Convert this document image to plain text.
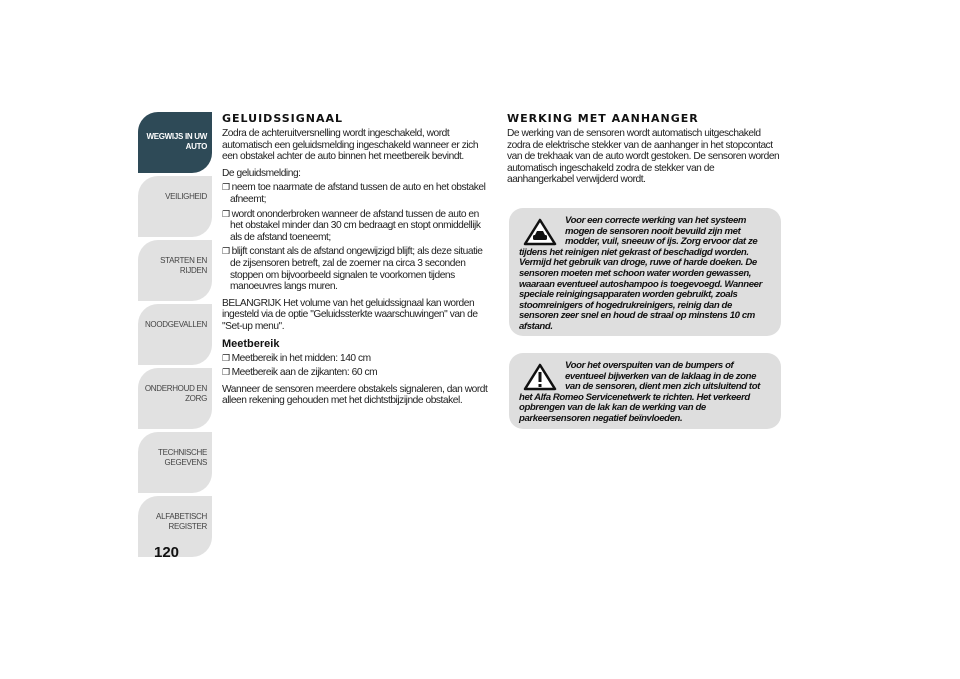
WEGWIJS IN UW
AUTO
VEILIGHEID
STARTEN EN RIJDEN
NOODGEVALLEN
ONDERHOUD EN
ZORG
TECHNISCHE
GEGEVENS
ALFABETISCH
REGISTER
120
GELUIDSSIGNAAL

Zodra de achteruitversnelling wordt ingeschakeld, wordt automatisch een geluidsmelding ingeschakeld wanneer er zich een obstakel achter de auto binnen het meetbereik bevindt.

De geluidsmelding:

❐ neem toe naarmate de afstand tussen de auto en het obstakel afneemt;
❐ wordt ononderbroken wanneer de afstand tussen de auto en het obstakel minder dan 30 cm bedraagt en stopt onmiddellijk als de afstand toeneemt;
❐ blijft constant als de afstand ongewijzigd blijft; als deze situatie de zijsensoren betreft, zal de zoemer na circa 3 seconden stoppen om bijvoorbeeld signalen te voorkomen tijdens manoeuvres langs muren.

BELANGRIJK Het volume van het geluidssignaal kan worden ingesteld via de optie "Geluidssterkte waarschuwingen" van de "Set-up menu".

Meetbereik
❐ Meetbereik in het midden: 140 cm
❐ Meetbereik aan de zijkanten: 60 cm

Wanneer de sensoren meerdere obstakels signaleren, dan wordt alleen rekening gehouden met het dichtstbijzijnde obstakel.

WERKING MET AANHANGER

De werking van de sensoren wordt automatisch uitgeschakeld zodra de elektrische stekker van de aanhanger in het stopcontact van de trekhaak van de auto wordt gestoken. De sensoren worden automatisch ingeschakeld zodra de stekker van de aanhangerkabel verwijderd wordt.

Voor een correcte werking van het systeem mogen de sensoren nooit bevuild zijn met modder, vuil, sneeuw of ijs. Zorg ervoor dat ze tijdens het reinigen niet gekrast of beschadigd worden. Vermijd het gebruik van droge, ruwe of harde doeken. De sensoren moeten met schoon water worden gewassen, waaraan eventueel autoshampoo is toegevoegd. Wanneer speciale reinigingsapparaten worden gebruikt, zoals stoomreinigers of hogedrukreinigers, reinig dan de sensoren zeer snel en houd de straal op minstens 10 cm afstand.
Voor het overspuiten van de bumpers of eventueel bijwerken van de laklaag in de zone van de sensoren, dient men zich uitsluitend tot het Alfa Romeo Servicenetwerk te richten. Het verkeerd opbrengen van de lak kan de werking van de parkeersensoren negatief beïnvloeden.
